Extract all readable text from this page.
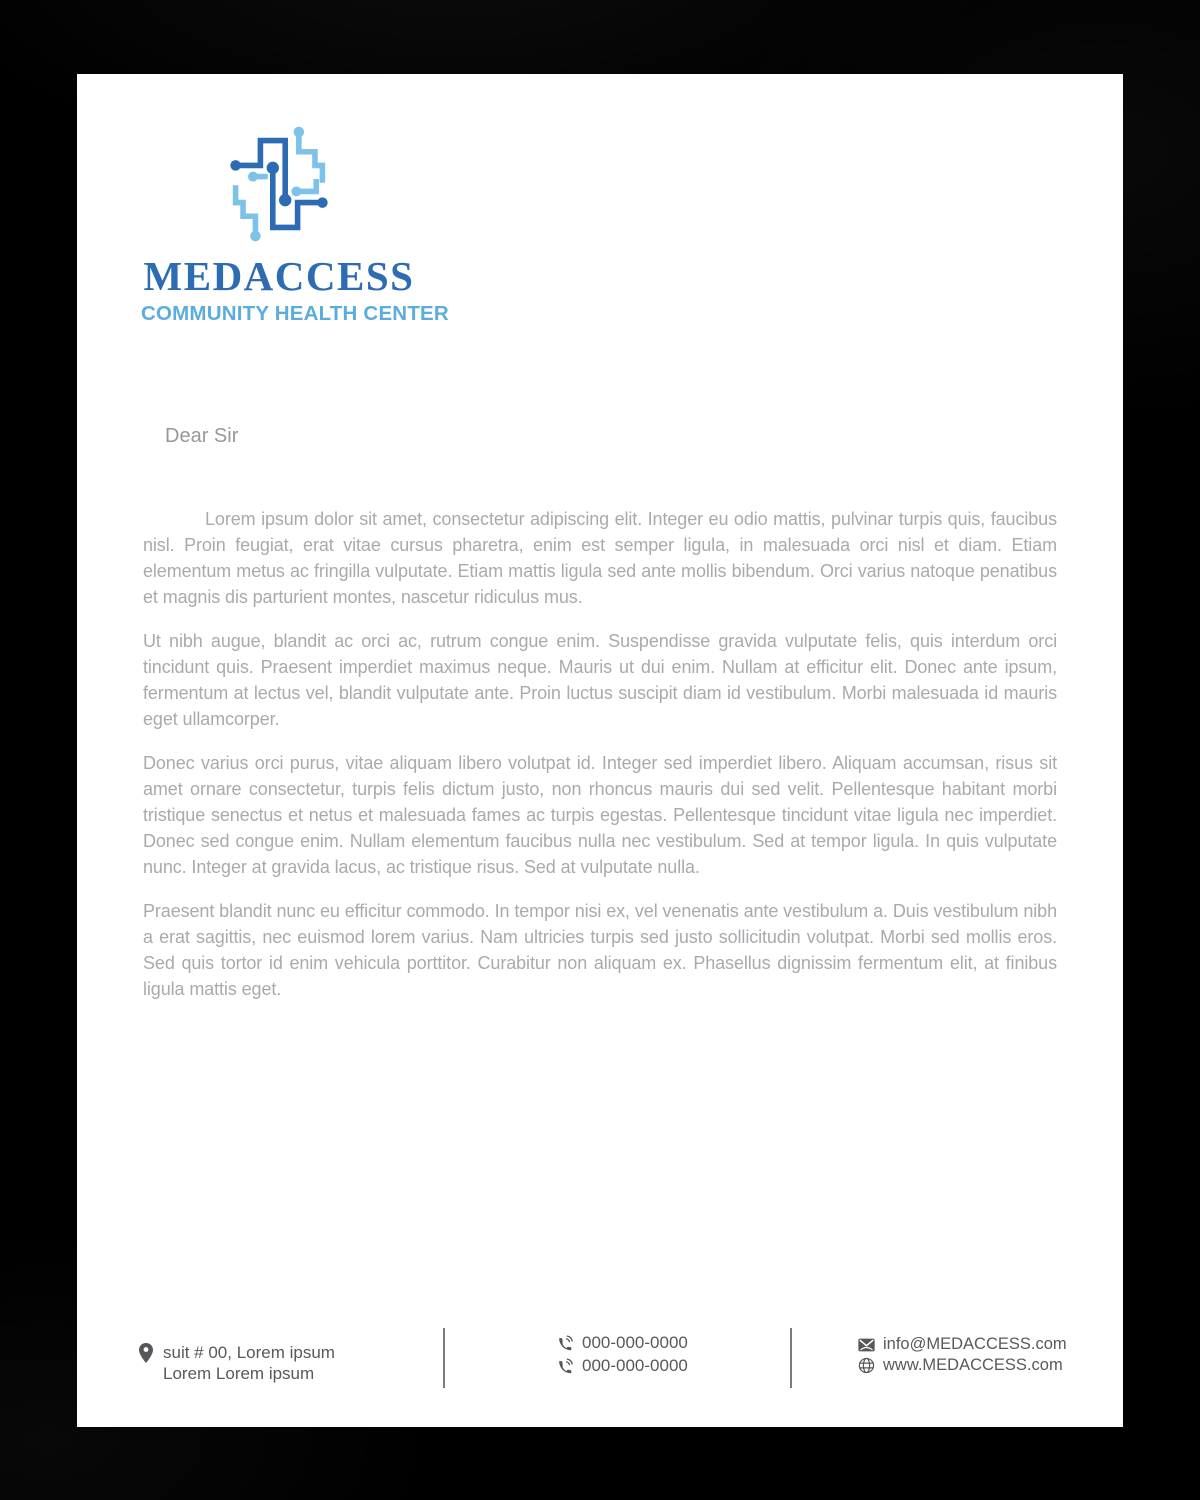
MEDACCESS
COMMUNITY HEALTH CENTER

Dear Sir

Lorem ipsum dolor sit amet, consectetur adipiscing elit. Integer eu odio mattis, pulvinar turpis quis, faucibus nisl. Proin feugiat, erat vitae cursus pharetra, enim est semper ligula, in malesuada orci nisl et diam. Etiam elementum metus ac fringilla vulputate. Etiam mattis ligula sed ante mollis bibendum. Orci varius natoque penatibus et magnis dis parturient montes, nascetur ridiculus mus.

Ut nibh augue, blandit ac orci ac, rutrum congue enim. Suspendisse gravida vulputate felis, quis interdum orci tincidunt quis. Praesent imperdiet maximus neque. Mauris ut dui enim. Nullam at efficitur elit. Donec ante ipsum, fermentum at lectus vel, blandit vulputate ante. Proin luctus suscipit diam id vestibulum. Morbi malesuada id mauris eget ullamcorper.

Donec varius orci purus, vitae aliquam libero volutpat id. Integer sed imperdiet libero. Aliquam accumsan, risus sit amet ornare consectetur, turpis felis dictum justo, non rhoncus mauris dui sed velit. Pellentesque habitant morbi tristique senectus et netus et malesuada fames ac turpis egestas. Pellentesque tincidunt vitae ligula nec imperdiet. Donec sed congue enim. Nullam elementum faucibus nulla nec vestibulum. Sed at tempor ligula. In quis vulputate nunc. Integer at gravida lacus, ac tristique risus. Sed at vulputate nulla.

Praesent blandit nunc eu efficitur commodo. In tempor nisi ex, vel venenatis ante vestibulum a. Duis vestibulum nibh a erat sagittis, nec euismod lorem varius. Nam ultricies turpis sed justo sollicitudin volutpat. Morbi sed mollis eros. Sed quis tortor id enim vehicula porttitor. Curabitur non aliquam ex. Phasellus dignissim fermentum elit, at finibus ligula mattis eget.

suit # 00, Lorem ipsum
Lorem Lorem ipsum
000-000-0000
000-000-0000
info@MEDACCESS.com
www.MEDACCESS.com
